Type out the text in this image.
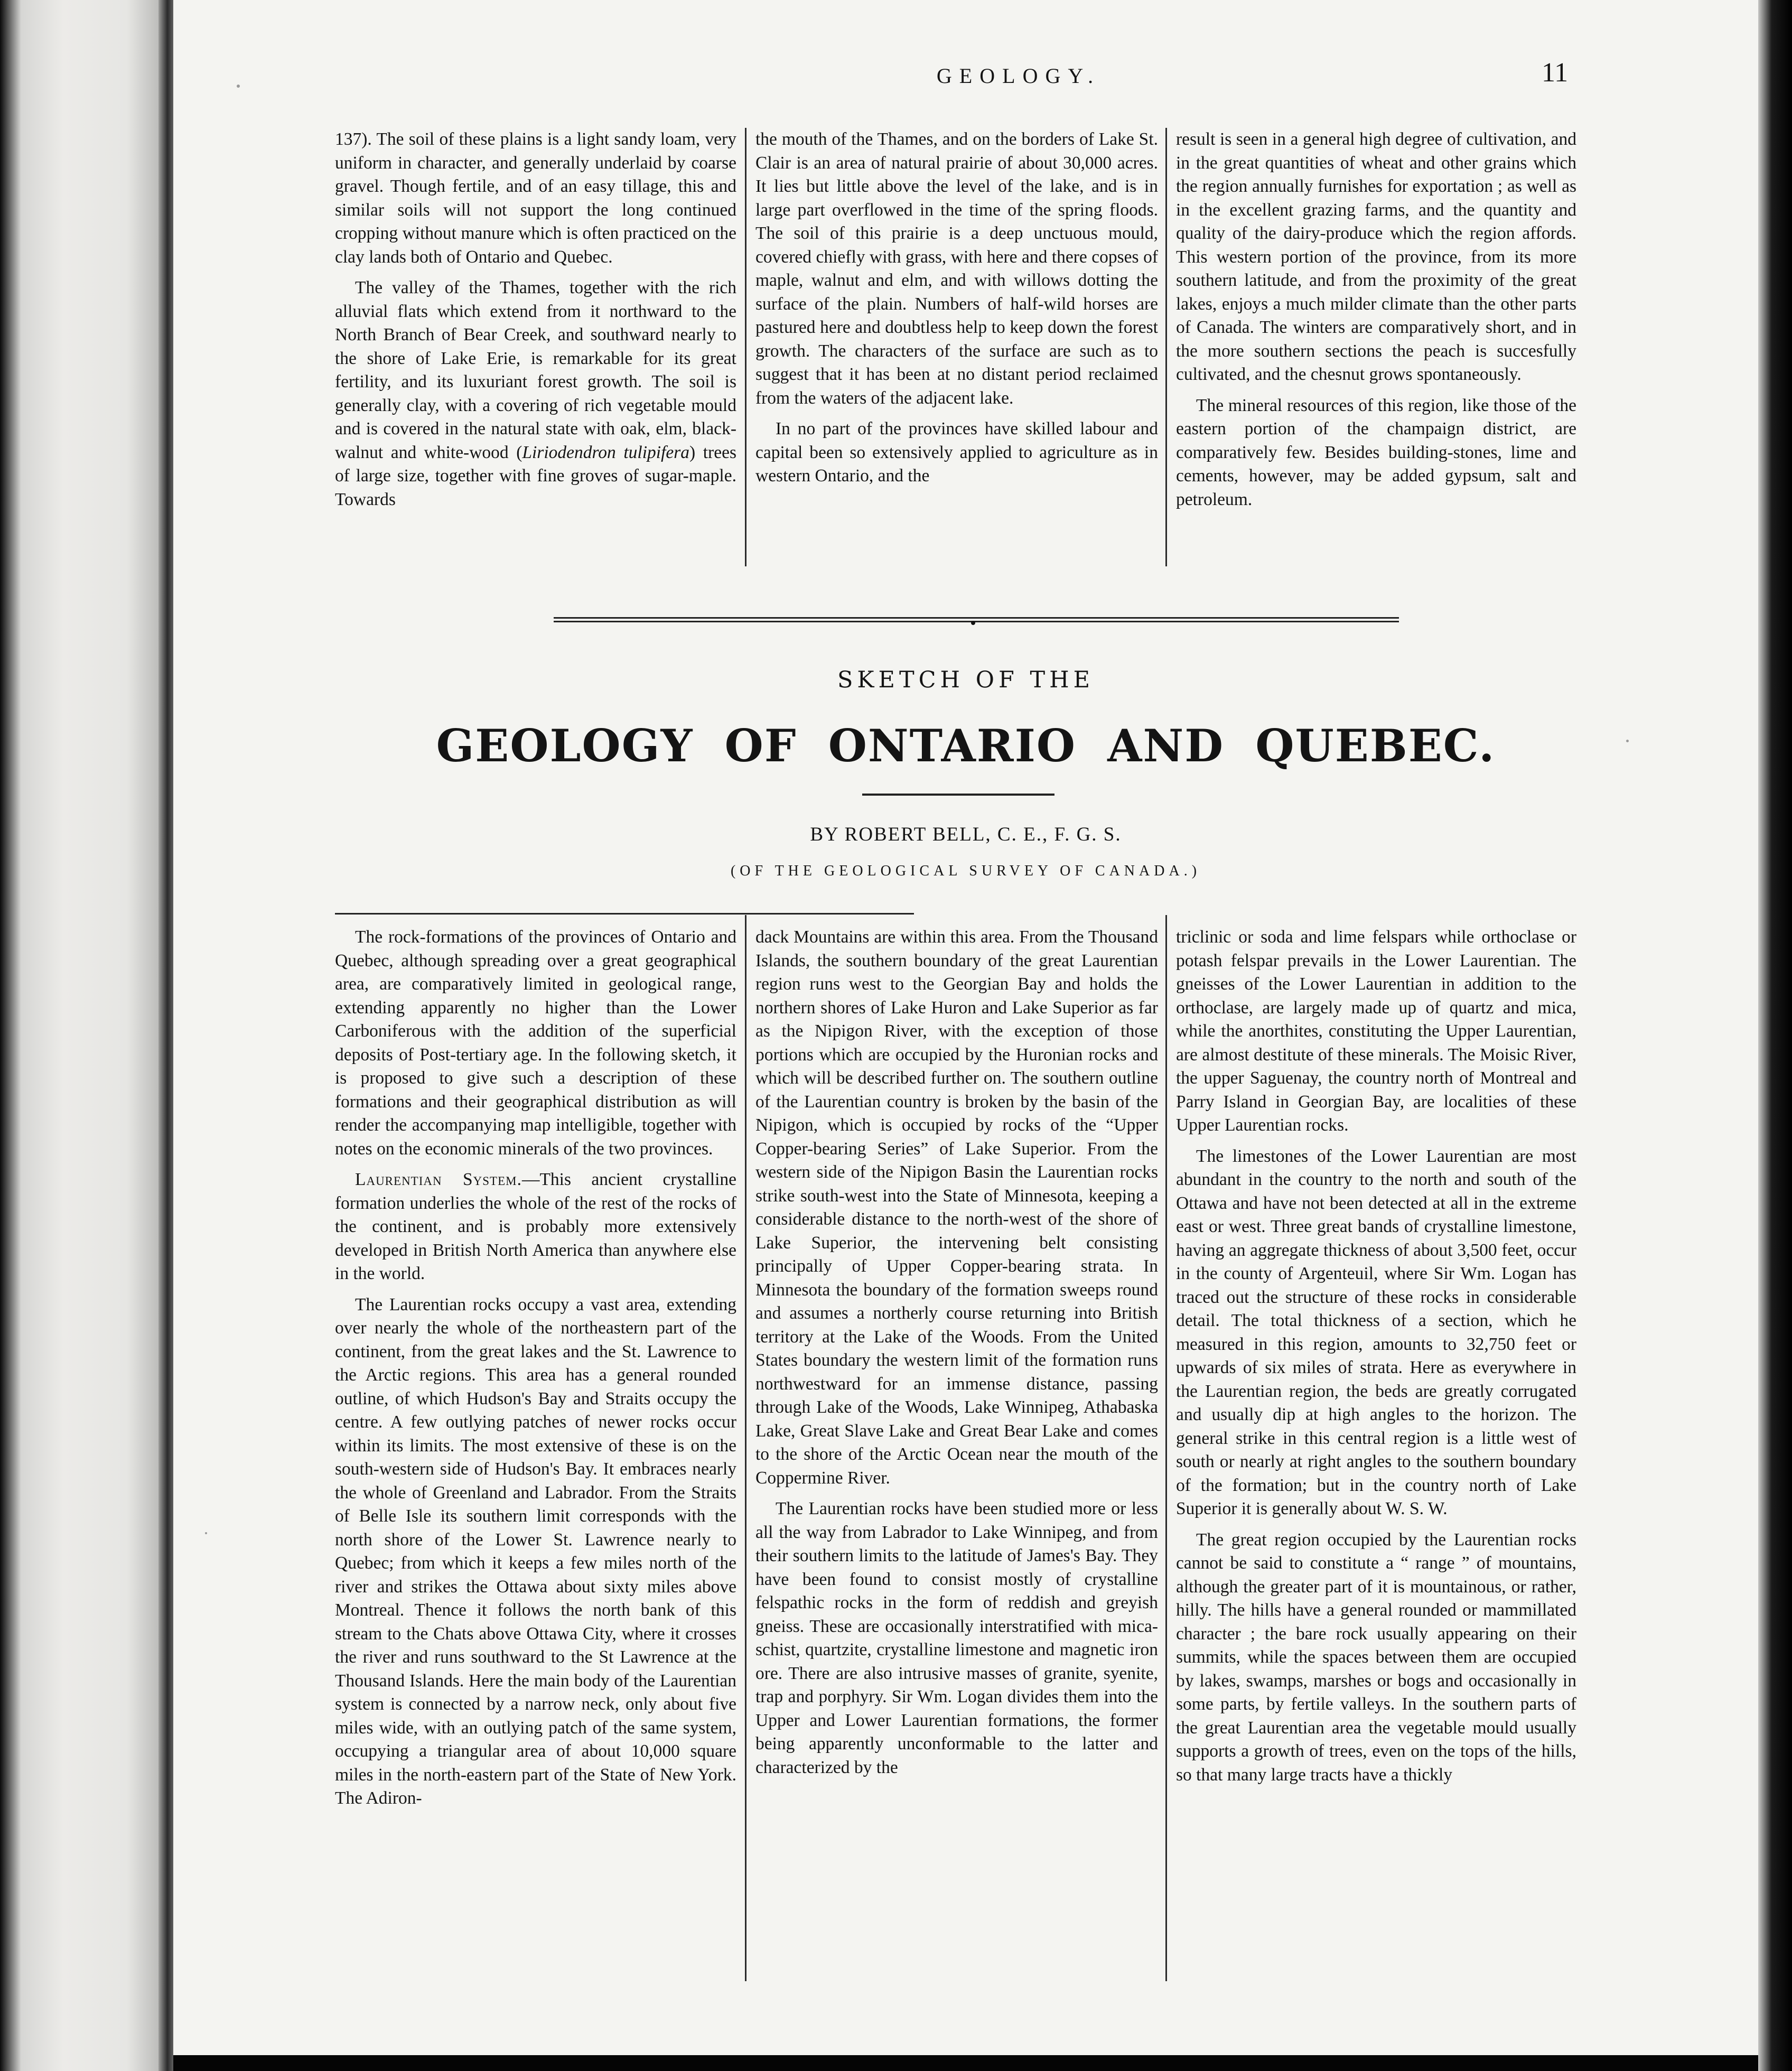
GEOLOGY.	11

137). The soil of these plains is a light sandy loam, very uniform in character, and generally underlaid by coarse gravel. Though fertile, and of an easy tillage, this and similar soils will not support the long continued cropping without manure which is often practiced on the clay lands both of Ontario and Quebec.

The valley of the Thames, together with the rich alluvial flats which extend from it northward to the North Branch of Bear Creek, and southward nearly to the shore of Lake Erie, is remarkable for its great fertility, and its luxuriant forest growth. The soil is generally clay, with a covering of rich vegetable mould and is covered in the natural state with oak, elm, black-walnut and white-wood (Liriodendron tulipifera) trees of large size, together with fine groves of sugar-maple. Towards

the mouth of the Thames, and on the borders of Lake St. Clair is an area of natural prairie of about 30,000 acres. It lies but little above the level of the lake, and is in large part overflowed in the time of the spring floods. The soil of this prairie is a deep unctuous mould, covered chiefly with grass, with here and there copses of maple, walnut and elm, and with willows dotting the surface of the plain. Numbers of half-wild horses are pastured here and doubtless help to keep down the forest growth. The characters of the surface are such as to suggest that it has been at no distant period reclaimed from the waters of the adjacent lake.

In no part of the provinces have skilled labour and capital been so extensively applied to agriculture as in western Ontario, and the

result is seen in a general high degree of cultivation, and in the great quantities of wheat and other grains which the region annually furnishes for exportation ; as well as in the excellent grazing farms, and the quantity and quality of the dairy-produce which the region affords. This western portion of the province, from its more southern latitude, and from the proximity of the great lakes, enjoys a much milder climate than the other parts of Canada. The winters are comparatively short, and in the more southern sections the peach is succesfully cultivated, and the chesnut grows spontaneously.

The mineral resources of this region, like those of the eastern portion of the champaign district, are comparatively few. Besides building-stones, lime and cements, however, may be added gypsum, salt and petroleum.

SKETCH OF THE
GEOLOGY OF ONTARIO AND QUEBEC.
BY ROBERT BELL, C. E., F. G. S.
(OF THE GEOLOGICAL SURVEY OF CANADA.)

The rock-formations of the provinces of Ontario and Quebec, although spreading over a great geographical area, are comparatively limited in geological range, extending apparently no higher than the Lower Carboniferous with the addition of the superficial deposits of Post-tertiary age. In the following sketch, it is proposed to give such a description of these formations and their geographical distribution as will render the accompanying map intelligible, together with notes on the economic minerals of the two provinces.

Laurentian System.—This ancient crystalline formation underlies the whole of the rest of the rocks of the continent, and is probably more extensively developed in British North America than anywhere else in the world.

The Laurentian rocks occupy a vast area, extending over nearly the whole of the northeastern part of the continent, from the great lakes and the St. Lawrence to the Arctic regions. This area has a general rounded outline, of which Hudson's Bay and Straits occupy the centre. A few outlying patches of newer rocks occur within its limits. The most extensive of these is on the south-western side of Hudson's Bay. It embraces nearly the whole of Greenland and Labrador. From the Straits of Belle Isle its southern limit corresponds with the north shore of the Lower St. Lawrence nearly to Quebec; from which it keeps a few miles north of the river and strikes the Ottawa about sixty miles above Montreal. Thence it follows the north bank of this stream to the Chats above Ottawa City, where it crosses the river and runs southward to the St Lawrence at the Thousand Islands. Here the main body of the Laurentian system is connected by a narrow neck, only about five miles wide, with an outlying patch of the same system, occupying a triangular area of about 10,000 square miles in the north-eastern part of the State of New York. The Adiron-

dack Mountains are within this area. From the Thousand Islands, the southern boundary of the great Laurentian region runs west to the Georgian Bay and holds the northern shores of Lake Huron and Lake Superior as far as the Nipigon River, with the exception of those portions which are occupied by the Huronian rocks and which will be described further on. The southern outline of the Laurentian country is broken by the basin of the Nipigon, which is occupied by rocks of the “Upper Copper-bearing Series” of Lake Superior. From the western side of the Nipigon Basin the Laurentian rocks strike south-west into the State of Minnesota, keeping a considerable distance to the north-west of the shore of Lake Superior, the intervening belt consisting principally of Upper Copper-bearing strata. In Minnesota the boundary of the formation sweeps round and assumes a northerly course returning into British territory at the Lake of the Woods. From the United States boundary the western limit of the formation runs northwestward for an immense distance, passing through Lake of the Woods, Lake Winnipeg, Athabaska Lake, Great Slave Lake and Great Bear Lake and comes to the shore of the Arctic Ocean near the mouth of the Coppermine River.

The Laurentian rocks have been studied more or less all the way from Labrador to Lake Winnipeg, and from their southern limits to the latitude of James's Bay. They have been found to consist mostly of crystalline felspathic rocks in the form of reddish and greyish gneiss. These are occasionally interstratified with mica-schist, quartzite, crystalline limestone and magnetic iron ore. There are also intrusive masses of granite, syenite, trap and porphyry. Sir Wm. Logan divides them into the Upper and Lower Laurentian formations, the former being apparently unconformable to the latter and characterized by the

triclinic or soda and lime felspars while orthoclase or potash felspar prevails in the Lower Laurentian. The gneisses of the Lower Laurentian in addition to the orthoclase, are largely made up of quartz and mica, while the anorthites, constituting the Upper Laurentian, are almost destitute of these minerals. The Moisic River, the upper Saguenay, the country north of Montreal and Parry Island in Georgian Bay, are localities of these Upper Laurentian rocks.

The limestones of the Lower Laurentian are most abundant in the country to the north and south of the Ottawa and have not been detected at all in the extreme east or west. Three great bands of crystalline limestone, having an aggregate thickness of about 3,500 feet, occur in the county of Argenteuil, where Sir Wm. Logan has traced out the structure of these rocks in considerable detail. The total thickness of a section, which he measured in this region, amounts to 32,750 feet or upwards of six miles of strata. Here as everywhere in the Laurentian region, the beds are greatly corrugated and usually dip at high angles to the horizon. The general strike in this central region is a little west of south or nearly at right angles to the southern boundary of the formation; but in the country north of Lake Superior it is generally about W. S. W.

The great region occupied by the Laurentian rocks cannot be said to constitute a “ range ” of mountains, although the greater part of it is mountainous, or rather, hilly. The hills have a general rounded or mammillated character ; the bare rock usually appearing on their summits, while the spaces between them are occupied by lakes, swamps, marshes or bogs and occasionally in some parts, by fertile valleys. In the southern parts of the great Laurentian area the vegetable mould usually supports a growth of trees, even on the tops of the hills, so that many large tracts have a thickly
